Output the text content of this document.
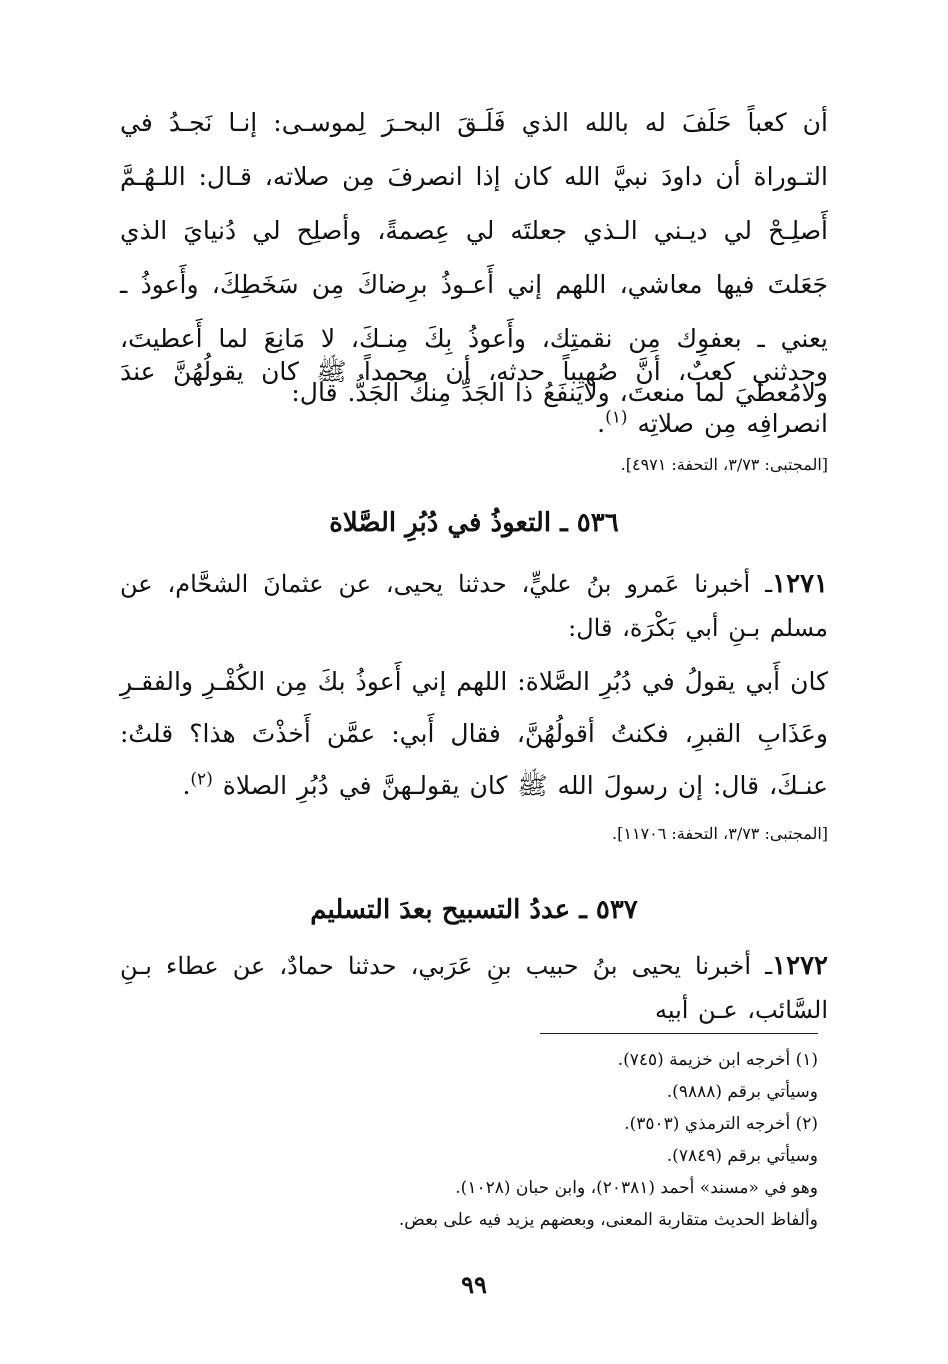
أن كعباً حَلَفَ له بالله الذي فَلَـقَ البحـرَ لِموسـى: إنـا نَجـدُ في التـوراة أن داودَ نبيَّ الله كان إذا انصرفَ مِن صلاته، قـال: اللـهُـمَّ أَصلِـحْ لي ديـني الـذي جعلتَه لي عِصمةً، وأصلِح لي دُنيايَ الذي جَعَلتَ فيها معاشي، اللهم إني أَعـوذُ برِضاكَ مِن سَخَطِكَ، وأَعوذُ ـ يعني ـ بعفوِك مِن نقمتِك، وأَعوذُ بِكَ مِنـكَ، لا مَانِعَ لما أَعطيتَ، ولامُعطيَ لما منعتَ، ولايَنفَعُ ذا الجَدِّ مِنكَ الجَدُّ. قال:

وحدثني كعبٌ، أنَّ صُهيباً حدثه، أن محمداً ﷺ كان يقولُهُنَّ عندَ انصرافِه مِن صلاتِه $^{(١)}$.

[المجتبى: ٣/٧٣، التحفة: ٤٩٧١].

٥٣٦ ـ التعوذُ في دُبُرِ الصَّلاة

١٢٧١ـ أخبرنا عَمرو بنُ عليٍّ، حدثنا يحيى، عن عثمانَ الشحَّام، عن مسلم بـنِ أبي بَكْرَة، قال:

كان أَبي يقولُ في دُبُرِ الصَّلاة: اللهم إني أَعوذُ بكَ مِن الكُفْـرِ والفقـرِ وعَذَابِ القبرِ، فكنتُ أقولُهُنَّ، فقال أَبي: عمَّن أَخذْتَ هذا؟ قلتُ: عنـكَ، قال: إن رسولَ الله ﷺ كان يقولـهنَّ في دُبُرِ الصلاة $^{(٢)}$.

[المجتبى: ٣/٧٣، التحفة: ١١٧٠٦].

٥٣٧ ـ عددُ التسبيح بعدَ التسليم

١٢٧٢ـ أخبرنا يحيى بنُ حبيب بنِ عَرَبي، حدثنا حمادٌ، عن عطاء بـنِ السَّائب، عـن أبيه

(١) أخرجه ابن خزيمة (٧٤٥).
وسيأتي برقم (٩٨٨٨).
(٢) أخرجه الترمذي (٣٥٠٣).
وسيأتي برقم (٧٨٤٩).
وهو في «مسند» أحمد (٢٠٣٨١)، وابن حبان (١٠٢٨).
وألفاظ الحديث متقاربة المعنى، وبعضهم يزيد فيه على بعض.
٩٩
